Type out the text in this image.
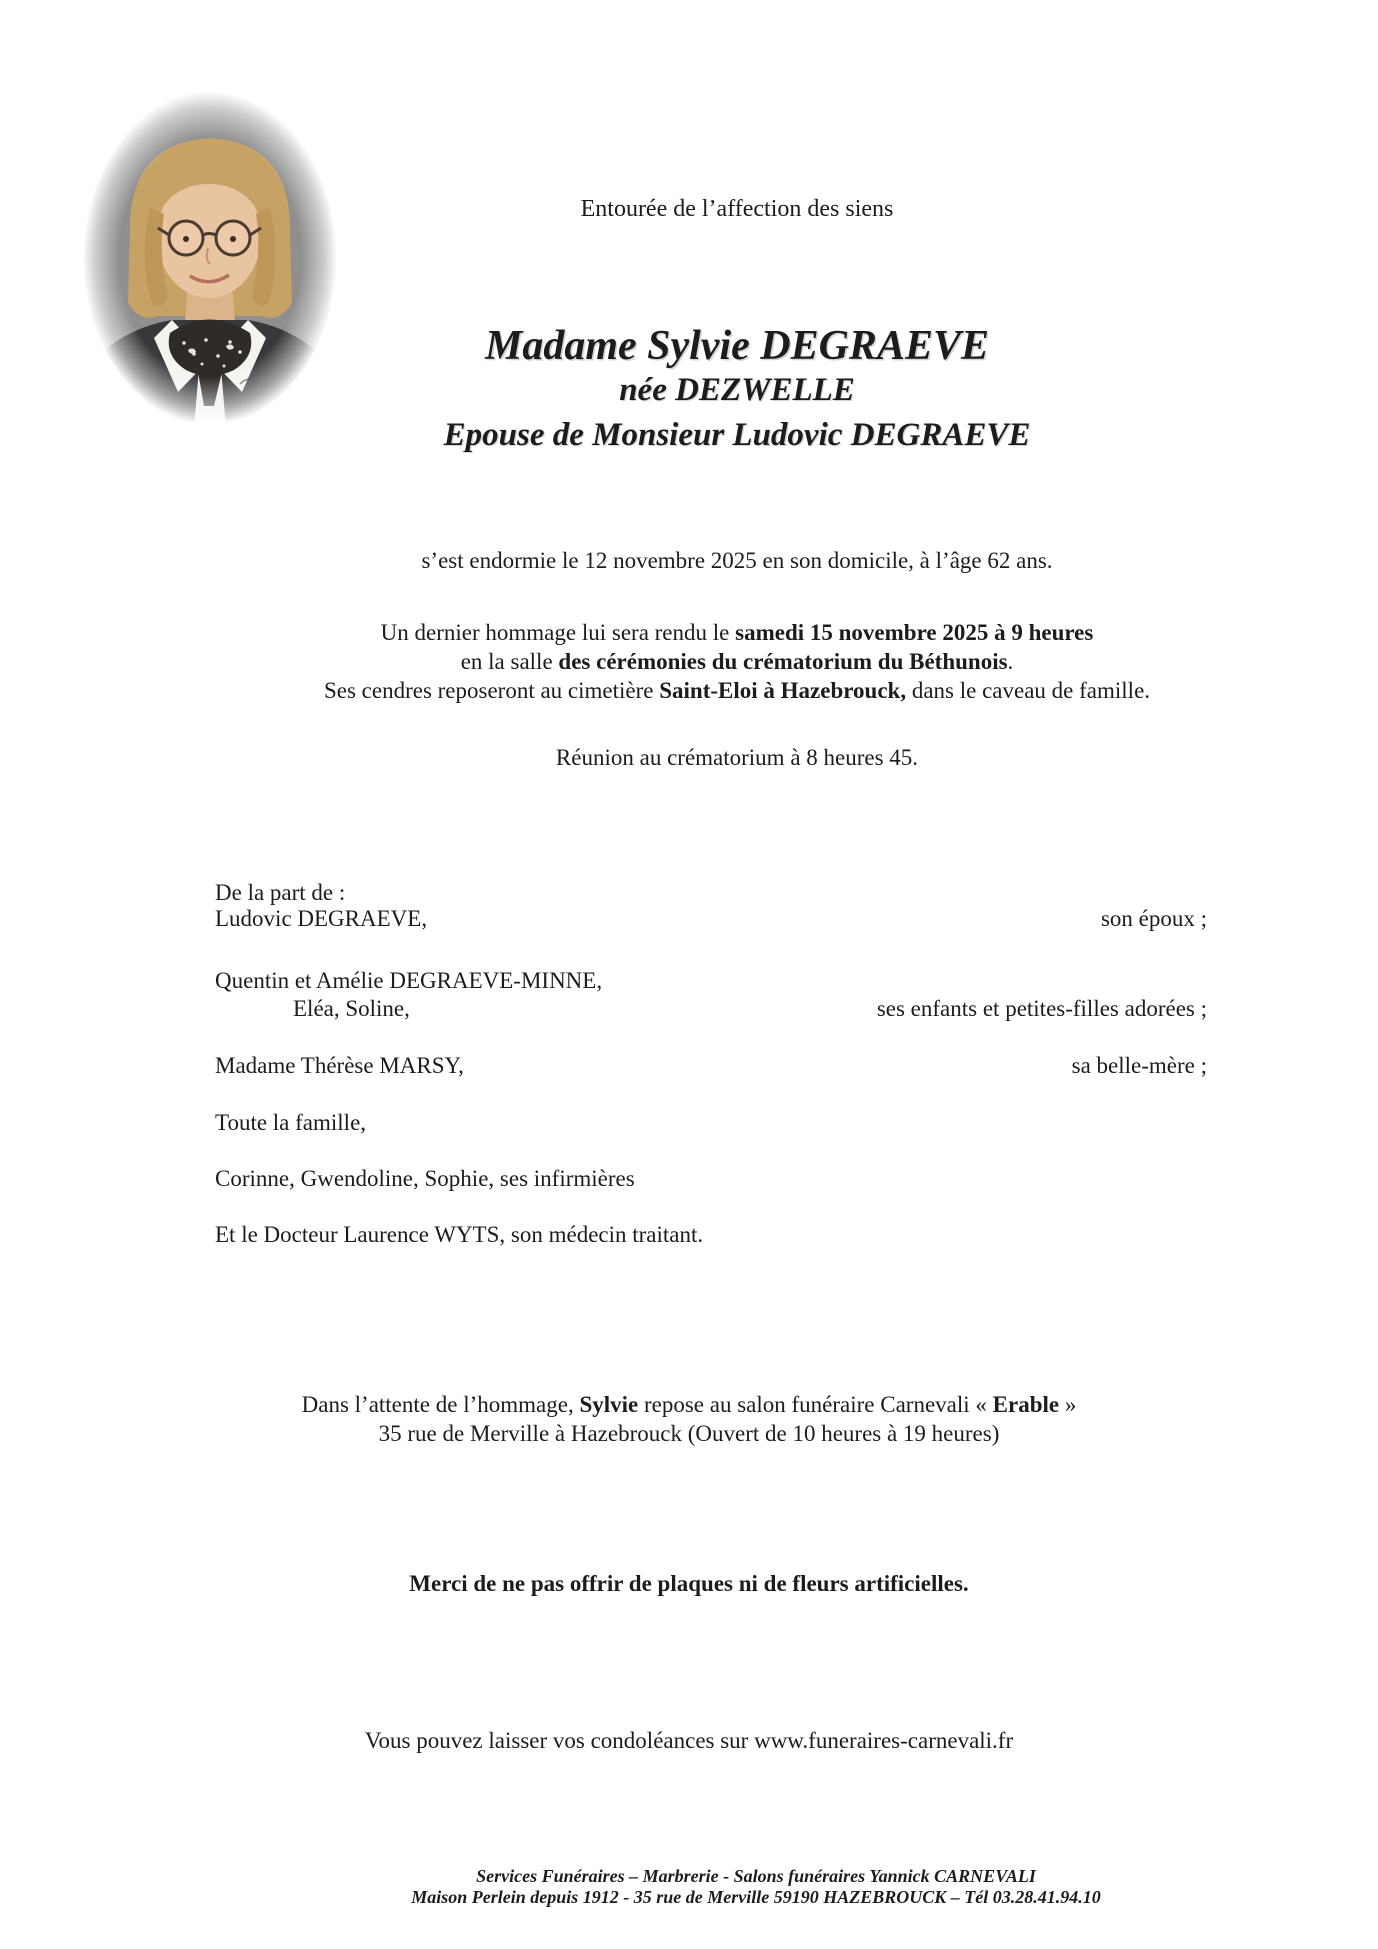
Entourée de l’affection des siens
Madame Sylvie DEGRAEVE
née DEZWELLE
Epouse de Monsieur Ludovic DEGRAEVE
s’est endormie le 12 novembre 2025 en son domicile, à l’âge 62 ans.
Un dernier hommage lui sera rendu le samedi 15 novembre 2025 à 9 heures
en la salle des cérémonies du crématorium du Béthunois.
Ses cendres reposeront au cimetière Saint-Eloi à Hazebrouck, dans le caveau de famille.
Réunion au crématorium à 8 heures 45.
De la part de :
Ludovic DEGRAEVE,	son époux ;
Quentin et Amélie DEGRAEVE-MINNE,
Eléa, Soline,	ses enfants et petites-filles adorées ;
Madame Thérèse MARSY,	sa belle-mère ;
Toute la famille,
Corinne, Gwendoline, Sophie, ses infirmières
Et le Docteur Laurence WYTS, son médecin traitant.
Dans l’attente de l’hommage, Sylvie repose au salon funéraire Carnevali « Erable »
35 rue de Merville à Hazebrouck (Ouvert de 10 heures à 19 heures)
Merci de ne pas offrir de plaques ni de fleurs artificielles.
Vous pouvez laisser vos condoléances sur www.funeraires-carnevali.fr
Services Funéraires – Marbrerie - Salons funéraires Yannick CARNEVALI
Maison Perlein depuis 1912 - 35 rue de Merville 59190 HAZEBROUCK – Tél 03.28.41.94.10
